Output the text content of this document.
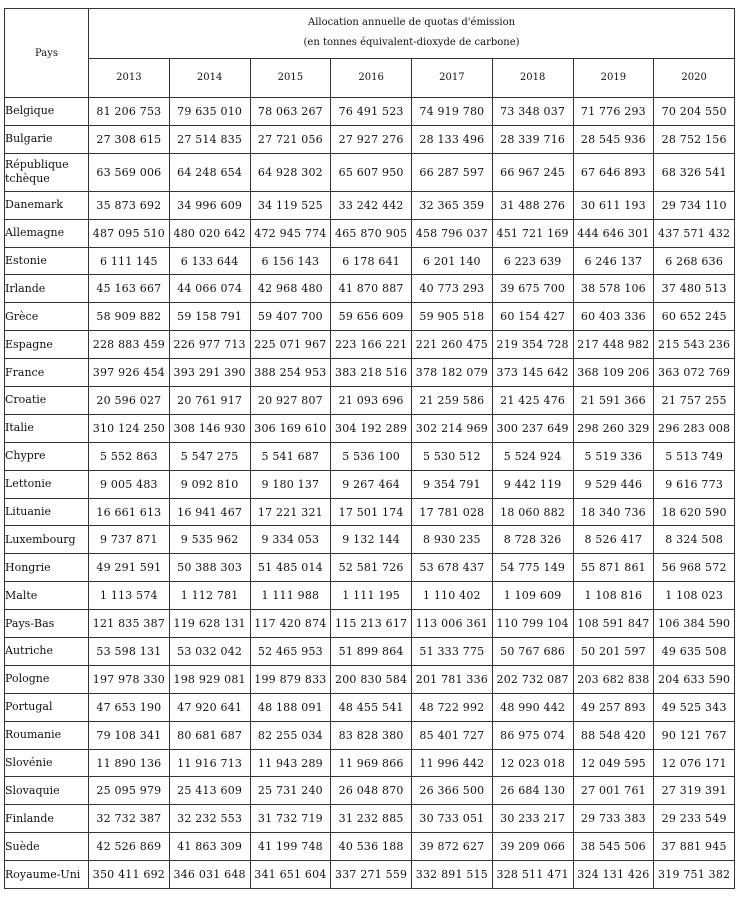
Pays	Allocation annuelle de quotas d'émission
(en tonnes équivalent-dioxyde de carbone)							

	2013	2014	2015	2016	2017	2018	2019	2020
Belgique	81 206 753	79 635 010	78 063 267	76 491 523	74 919 780	73 348 037	71 776 293	70 204 550
Bulgarie	27 308 615	27 514 835	27 721 056	27 927 276	28 133 496	28 339 716	28 545 936	28 752 156
République tchèque	63 569 006	64 248 654	64 928 302	65 607 950	66 287 597	66 967 245	67 646 893	68 326 541
Danemark	35 873 692	34 996 609	34 119 525	33 242 442	32 365 359	31 488 276	30 611 193	29 734 110
Allemagne	487 095 510	480 020 642	472 945 774	465 870 905	458 796 037	451 721 169	444 646 301	437 571 432
Estonie	6 111 145	6 133 644	6 156 143	6 178 641	6 201 140	6 223 639	6 246 137	6 268 636
Irlande	45 163 667	44 066 074	42 968 480	41 870 887	40 773 293	39 675 700	38 578 106	37 480 513
Grèce	58 909 882	59 158 791	59 407 700	59 656 609	59 905 518	60 154 427	60 403 336	60 652 245
Espagne	228 883 459	226 977 713	225 071 967	223 166 221	221 260 475	219 354 728	217 448 982	215 543 236
France	397 926 454	393 291 390	388 254 953	383 218 516	378 182 079	373 145 642	368 109 206	363 072 769
Croatie	20 596 027	20 761 917	20 927 807	21 093 696	21 259 586	21 425 476	21 591 366	21 757 255
Italie	310 124 250	308 146 930	306 169 610	304 192 289	302 214 969	300 237 649	298 260 329	296 283 008
Chypre	5 552 863	5 547 275	5 541 687	5 536 100	5 530 512	5 524 924	5 519 336	5 513 749
Lettonie	9 005 483	9 092 810	9 180 137	9 267 464	9 354 791	9 442 119	9 529 446	9 616 773
Lituanie	16 661 613	16 941 467	17 221 321	17 501 174	17 781 028	18 060 882	18 340 736	18 620 590
Luxembourg	9 737 871	9 535 962	9 334 053	9 132 144	8 930 235	8 728 326	8 526 417	8 324 508
Hongrie	49 291 591	50 388 303	51 485 014	52 581 726	53 678 437	54 775 149	55 871 861	56 968 572
Malte	1 113 574	1 112 781	1 111 988	1 111 195	1 110 402	1 109 609	1 108 816	1 108 023
Pays-Bas	121 835 387	119 628 131	117 420 874	115 213 617	113 006 361	110 799 104	108 591 847	106 384 590
Autriche	53 598 131	53 032 042	52 465 953	51 899 864	51 333 775	50 767 686	50 201 597	49 635 508
Pologne	197 978 330	198 929 081	199 879 833	200 830 584	201 781 336	202 732 087	203 682 838	204 633 590
Portugal	47 653 190	47 920 641	48 188 091	48 455 541	48 722 992	48 990 442	49 257 893	49 525 343
Roumanie	79 108 341	80 681 687	82 255 034	83 828 380	85 401 727	86 975 074	88 548 420	90 121 767
Slovénie	11 890 136	11 916 713	11 943 289	11 969 866	11 996 442	12 023 018	12 049 595	12 076 171
Slovaquie	25 095 979	25 413 609	25 731 240	26 048 870	26 366 500	26 684 130	27 001 761	27 319 391
Finlande	32 732 387	32 232 553	31 732 719	31 232 885	30 733 051	30 233 217	29 733 383	29 233 549
Suède	42 526 869	41 863 309	41 199 748	40 536 188	39 872 627	39 209 066	38 545 506	37 881 945
Royaume-Uni	350 411 692	346 031 648	341 651 604	337 271 559	332 891 515	328 511 471	324 131 426	319 751 382
